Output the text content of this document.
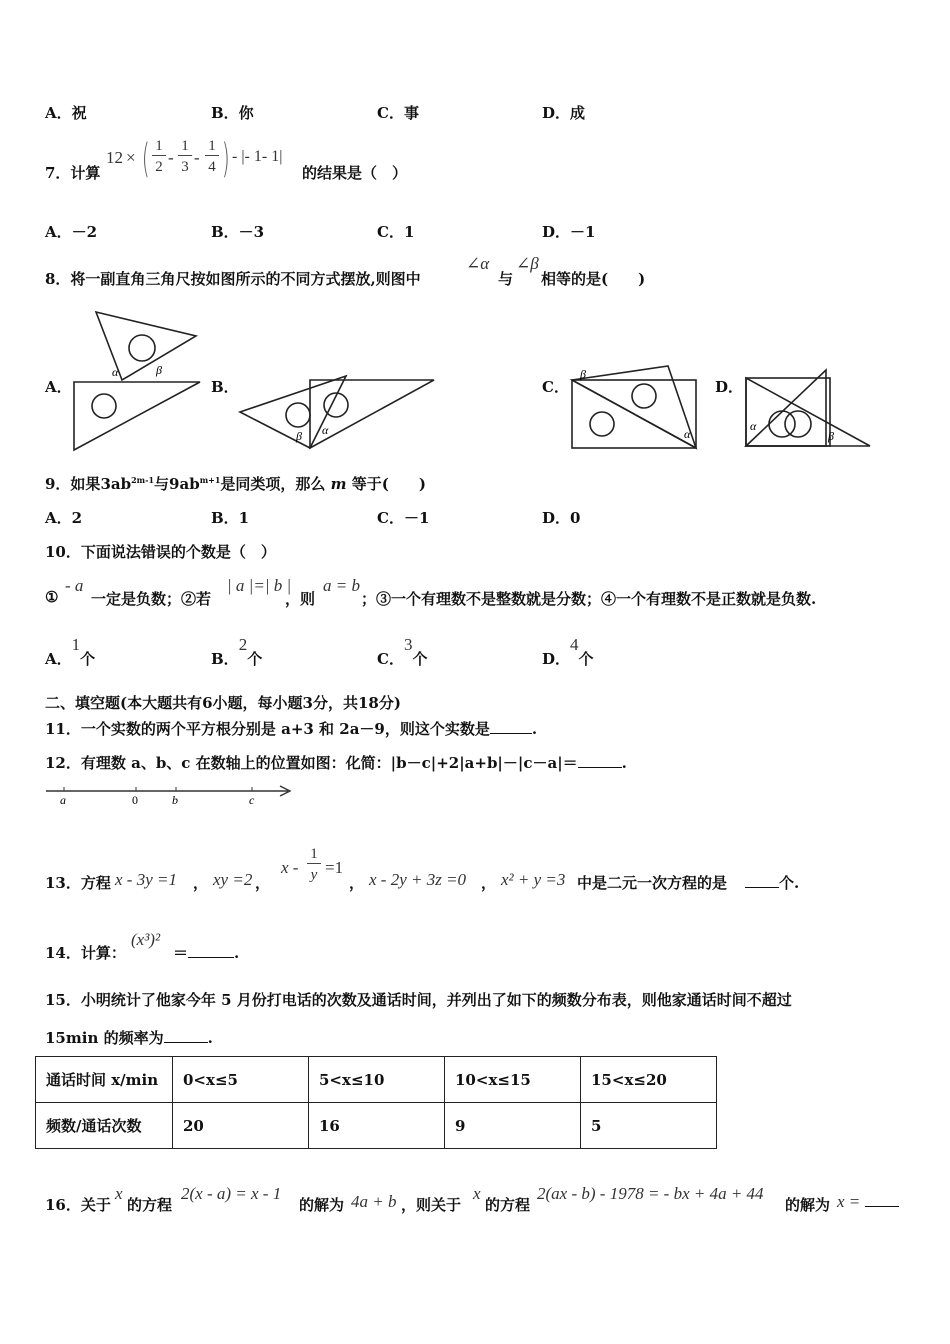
A．祝	B．你	C．事	D．成
7．计算
12 × ( 1
2 -
1
3 -
1
4 ) - |- 1- 1|
的结果是（　）
A．－2	B．－3	C．1	D．－1
8．将一副直角三角尺按如图所示的不同方式摆放,则图中
∠α
与
∠β
相等的是(　　)
A．	B．	C．	D．
α	β
β α
β
α
α
β
9．如果$3ab^{2m-1}$与$9ab^{m+1}$是同类项，那么 m 等于(　　)
A．2	B．1	C．－1	D．0
10．下面说法错误的个数是（　）
①
- a
一定是负数；②若
| a |=| b |
，则
a = b
；③一个有理数不是整数就是分数；④一个有理数不是正数就是负数.
A．1个	B．2个	C．3个	D．4个
二、填空题(本大题共有6小题，每小题3分，共18分)
11．一个实数的两个平方根分别是 a+3 和 2a－9，则这个实数是	.
12．有理数 a、b、c 在数轴上的位置如图：化简：|b－c|+2|a+b|－|c－a|＝	.
a	0	b	c
13．方程 x - 3y =1 ， xy =2 ，
x -
1
y =1
， x - 2y + 3z =0 ， x² + y =3 中是二元一次方程的是	个.
14．计算：
(x³)²
＝	.
15．小明统计了他家今年 5 月份打电话的次数及通话时间，并列出了如下的频数分布表，则他家通话时间不超过
15min 的频率为	.
通话时间 x/min	0<x≤5	5<x≤10	10<x≤15	15<x≤20
频数/通话次数	20	16	9	5
16．关于
x
的方程
2(x - a) = x - 1
的解为 4a + b ，则关于
x
的方程
2(ax - b) - 1978 = - bx + 4a + 44
的解为 x =
